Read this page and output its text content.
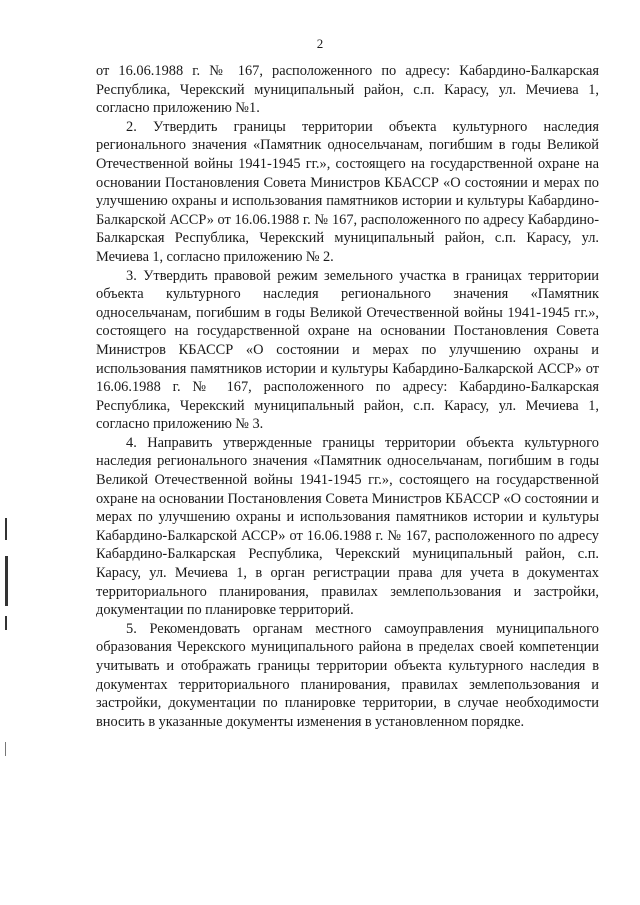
2

от 16.06.1988 г. № 167, расположенного по адресу: Кабардино-Балкарская Республика, Черекский муниципальный район, с.п. Карасу, ул. Мечиева 1, согласно приложению №1.

2. Утвердить границы территории объекта культурного наследия регионального значения «Памятник односельчанам, погибшим в годы Великой Отечественной войны 1941-1945 гг.», состоящего на государственной охране на основании Постановления Совета Министров КБАССР «О состоянии и мерах по улучшению охраны и использования памятников истории и культуры Кабардино-Балкарской АССР» от 16.06.1988 г. № 167, расположенного по адресу Кабардино-Балкарская Республика, Черекский муниципальный район, с.п. Карасу, ул. Мечиева 1, согласно приложению № 2.

3. Утвердить правовой режим земельного участка в границах территории объекта культурного наследия регионального значения «Памятник односельчанам, погибшим в годы Великой Отечественной войны 1941-1945 гг.», состоящего на государственной охране на основании Постановления Совета Министров КБАССР «О состоянии и мерах по улучшению охраны и использования памятников истории и культуры Кабардино-Балкарской АССР» от 16.06.1988 г. № 167, расположенного по адресу: Кабардино-Балкарская Республика, Черекский муниципальный район, с.п. Карасу, ул. Мечиева 1, согласно приложению № 3.

4. Направить утвержденные границы территории объекта культурного наследия регионального значения «Памятник односельчанам, погибшим в годы Великой Отечественной войны 1941-1945 гг.», состоящего на государственной охране на основании Постановления Совета Министров КБАССР «О состоянии и мерах по улучшению охраны и использования памятников истории и культуры Кабардино-Балкарской АССР» от 16.06.1988 г. № 167, расположенного по адресу Кабардино-Балкарская Республика, Черекский муниципальный район, с.п. Карасу, ул. Мечиева 1, в орган регистрации права для учета в документах территориального планирования, правилах землепользования и застройки, документации по планировке территорий.

5. Рекомендовать органам местного самоуправления муниципального образования Черекского муниципального района в пределах своей компетенции учитывать и отображать границы территории объекта культурного наследия в документах территориального планирования, правилах землепользования и застройки, документации по планировке территории, в случае необходимости вносить в указанные документы изменения в установленном порядке.
